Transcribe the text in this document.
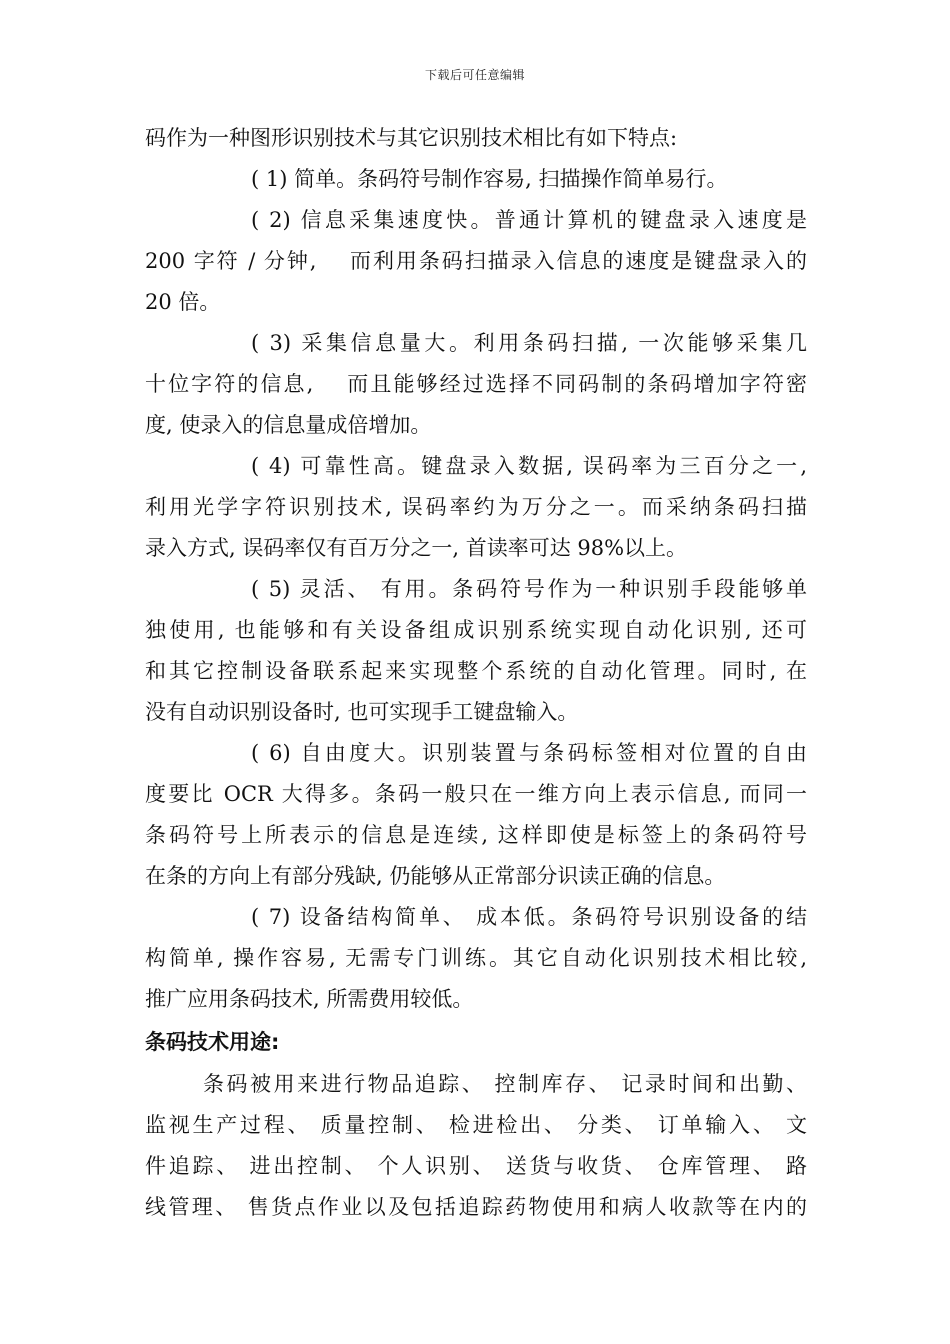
下载后可任意编辑
码作为一种图形识别技术与其它识别技术相比有如下特点:
( 1) 简单。条码符号制作容易, 扫描操作简单易行。
( 2) 信息采集速度快。普通计算机的键盘录入速度是
200 字符 / 分钟,　 而利用条码扫描录入信息的速度是键盘录入的
20 倍。
( 3) 采集信息量大。利用条码扫描, 一次能够采集几
十位字符的信息,　 而且能够经过选择不同码制的条码增加字符密
度, 使录入的信息量成倍增加。
( 4) 可靠性高。键盘录入数据, 误码率为三百分之一,
利用光学字符识别技术, 误码率约为万分之一。而采纳条码扫描
录入方式, 误码率仅有百万分之一, 首读率可达 98%以上。
( 5) 灵活、 有用。条码符号作为一种识别手段能够单
独使用, 也能够和有关设备组成识别系统实现自动化识别, 还可
和其它控制设备联系起来实现整个系统的自动化管理。同时, 在
没有自动识别设备时, 也可实现手工键盘输入。
( 6) 自由度大。识别装置与条码标签相对位置的自由
度要比 OCR 大得多。条码一般只在一维方向上表示信息, 而同一
条码符号上所表示的信息是连续, 这样即使是标签上的条码符号
在条的方向上有部分残缺, 仍能够从正常部分识读正确的信息。
( 7) 设备结构简单、 成本低。条码符号识别设备的结
构简单, 操作容易, 无需专门训练。其它自动化识别技术相比较,
推广应用条码技术, 所需费用较低。
条码技术用途:
条码被用来进行物品追踪、 控制库存、 记录时间和出勤、
监视生产过程、 质量控制、 检进检出、 分类、 订单输入、 文
件追踪、 进出控制、 个人识别、 送货与收货、 仓库管理、 路
线管理、 售货点作业以及包括追踪药物使用和病人收款等在内的
